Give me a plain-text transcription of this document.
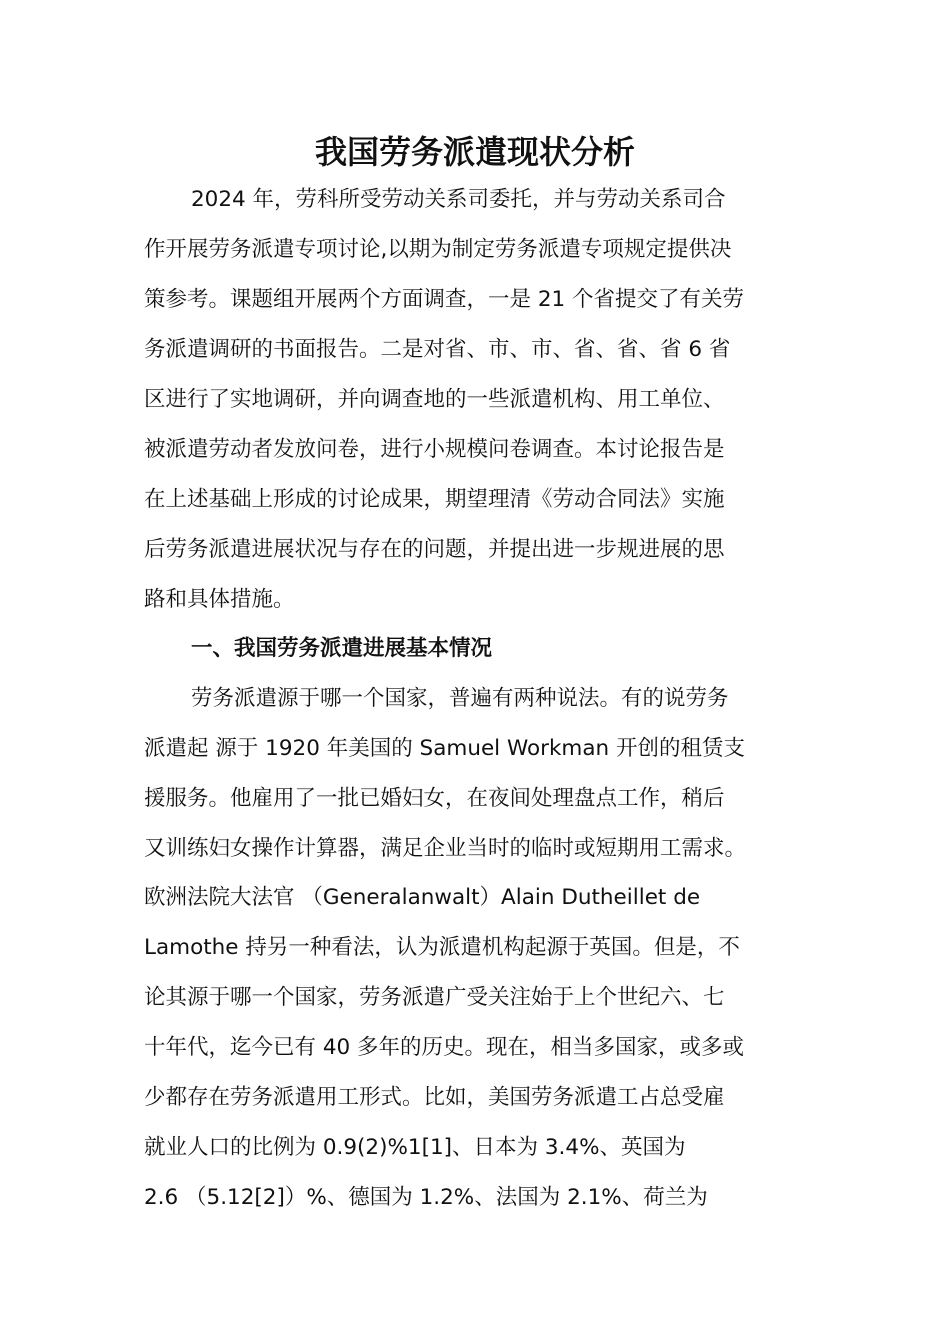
我国劳务派遣现状分析

2024 年，劳科所受劳动关系司委托，并与劳动关系司合

作开展劳务派遣专项讨论,以期为制定劳务派遣专项规定提供决

策参考。课题组开展两个方面调查，一是 21 个省提交了有关劳

务派遣调研的书面报告。二是对省、市、市、省、省、省 6 省

区进行了实地调研，并向调查地的一些派遣机构、用工单位、

被派遣劳动者发放问卷，进行小规模问卷调查。本讨论报告是

在上述基础上形成的讨论成果，期望理清《劳动合同法》实施

后劳务派遣进展状况与存在的问题，并提出进一步规进展的思

路和具体措施。

一、我国劳务派遣进展基本情况

劳务派遣源于哪一个国家，普遍有两种说法。有的说劳务

派遣起 源于 1920 年美国的 Samuel Workman 开创的租赁支

援服务。他雇用了一批已婚妇女，在夜间处理盘点工作，稍后

又训练妇女操作计算器，满足企业当时的临时或短期用工需求。

欧洲法院大法官 （Generalanwalt）Alain Dutheillet de

Lamothe 持另一种看法，认为派遣机构起源于英国。但是，不

论其源于哪一个国家，劳务派遣广受关注始于上个世纪六、七

十年代，迄今已有 40 多年的历史。现在，相当多国家，或多或

少都存在劳务派遣用工形式。比如，美国劳务派遣工占总受雇

就业人口的比例为 0.9(2)%1[1]、日本为 3.4%、英国为

2.6 （5.12[2]）%、德国为 1.2%、法国为 2.1%、荷兰为
